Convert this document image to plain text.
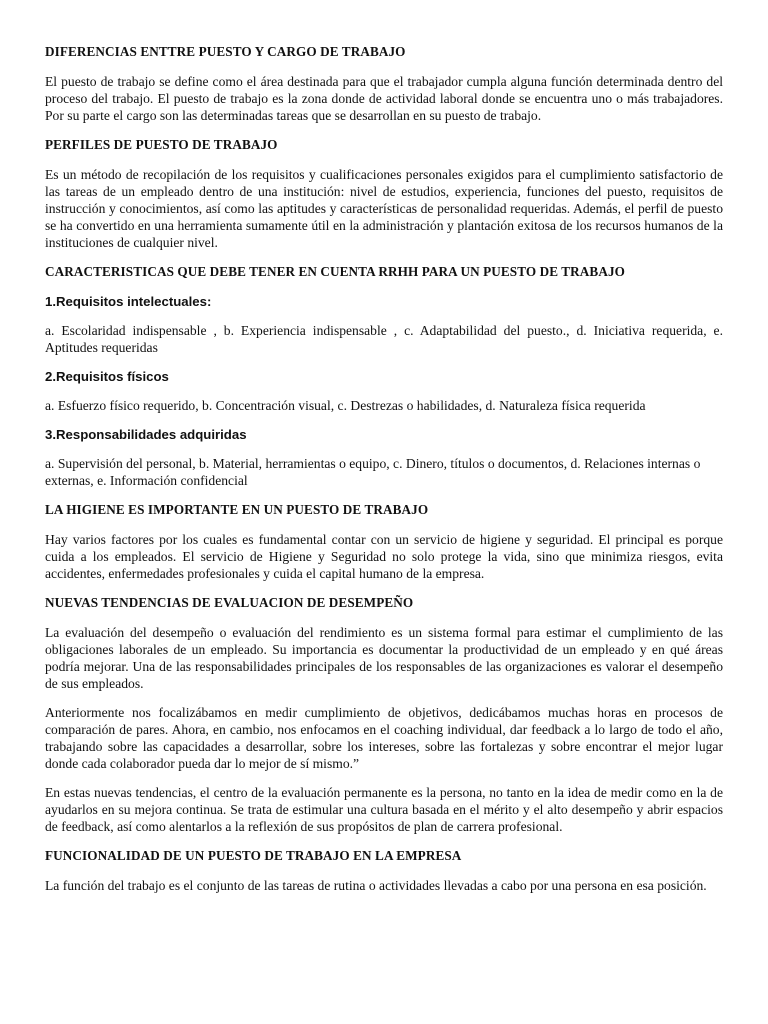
DIFERENCIAS ENTTRE PUESTO Y CARGO DE TRABAJO

El puesto de trabajo se define como el área destinada para que el trabajador cumpla alguna función determinada dentro del proceso del trabajo. El puesto de trabajo es la zona donde de actividad laboral donde se encuentra uno o más trabajadores. Por su parte el cargo son las determinadas tareas que se desarrollan en su puesto de trabajo.

PERFILES DE PUESTO DE TRABAJO

Es un método de recopilación de los requisitos y cualificaciones personales exigidos para el cumplimiento satisfactorio de las tareas de un empleado dentro de una institución: nivel de estudios, experiencia, funciones del puesto, requisitos de instrucción y conocimientos, así como las aptitudes y características de personalidad requeridas. Además, el perfil de puesto se ha convertido en una herramienta sumamente útil en la administración y plantación exitosa de los recursos humanos de la instituciones de cualquier nivel.

CARACTERISTICAS QUE DEBE TENER EN CUENTA RRHH PARA UN PUESTO DE TRABAJO
1.Requisitos intelectuales:

a. Escolaridad indispensable , b. Experiencia indispensable , c. Adaptabilidad del puesto., d. Iniciativa requerida, e. Aptitudes requeridas

2.Requisitos físicos

a. Esfuerzo físico requerido, b. Concentración visual, c. Destrezas o habilidades, d. Naturaleza física requerida

3.Responsabilidades adquiridas

a. Supervisión del personal, b. Material, herramientas o equipo, c. Dinero, títulos o documentos, d. Relaciones internas o externas, e. Información confidencial

LA HIGIENE ES IMPORTANTE EN UN PUESTO DE TRABAJO

Hay varios factores por los cuales es fundamental contar con un servicio de higiene y seguridad. El principal es porque cuida a los empleados. El servicio de Higiene y Seguridad no solo protege la vida, sino que minimiza riesgos, evita accidentes, enfermedades profesionales y cuida el capital humano de la empresa.

NUEVAS TENDENCIAS DE EVALUACION DE DESEMPEÑO

La evaluación del desempeño o evaluación del rendimiento es un sistema formal para estimar el cumplimiento de las obligaciones laborales de un empleado. Su importancia es documentar la productividad de un empleado y en qué áreas podría mejorar. Una de las responsabilidades principales de los responsables de las organizaciones es valorar el desempeño de sus empleados.

Anteriormente nos focalizábamos en medir cumplimiento de objetivos, dedicábamos muchas horas en procesos de comparación de pares. Ahora, en cambio, nos enfocamos en el coaching individual, dar feedback a lo largo de todo el año, trabajando sobre las capacidades a desarrollar, sobre los intereses, sobre las fortalezas y sobre encontrar el mejor lugar donde cada colaborador pueda dar lo mejor de sí mismo.”

En estas nuevas tendencias, el centro de la evaluación permanente es la persona, no tanto en la idea de medir como en la de ayudarlos en su mejora continua. Se trata de estimular una cultura basada en el mérito y el alto desempeño y abrir espacios de feedback, así como alentarlos a la reflexión de sus propósitos de plan de carrera profesional.

FUNCIONALIDAD DE UN PUESTO DE TRABAJO EN LA EMPRESA

La función del trabajo es el conjunto de las tareas de rutina o actividades llevadas a cabo por una persona en esa posición.
